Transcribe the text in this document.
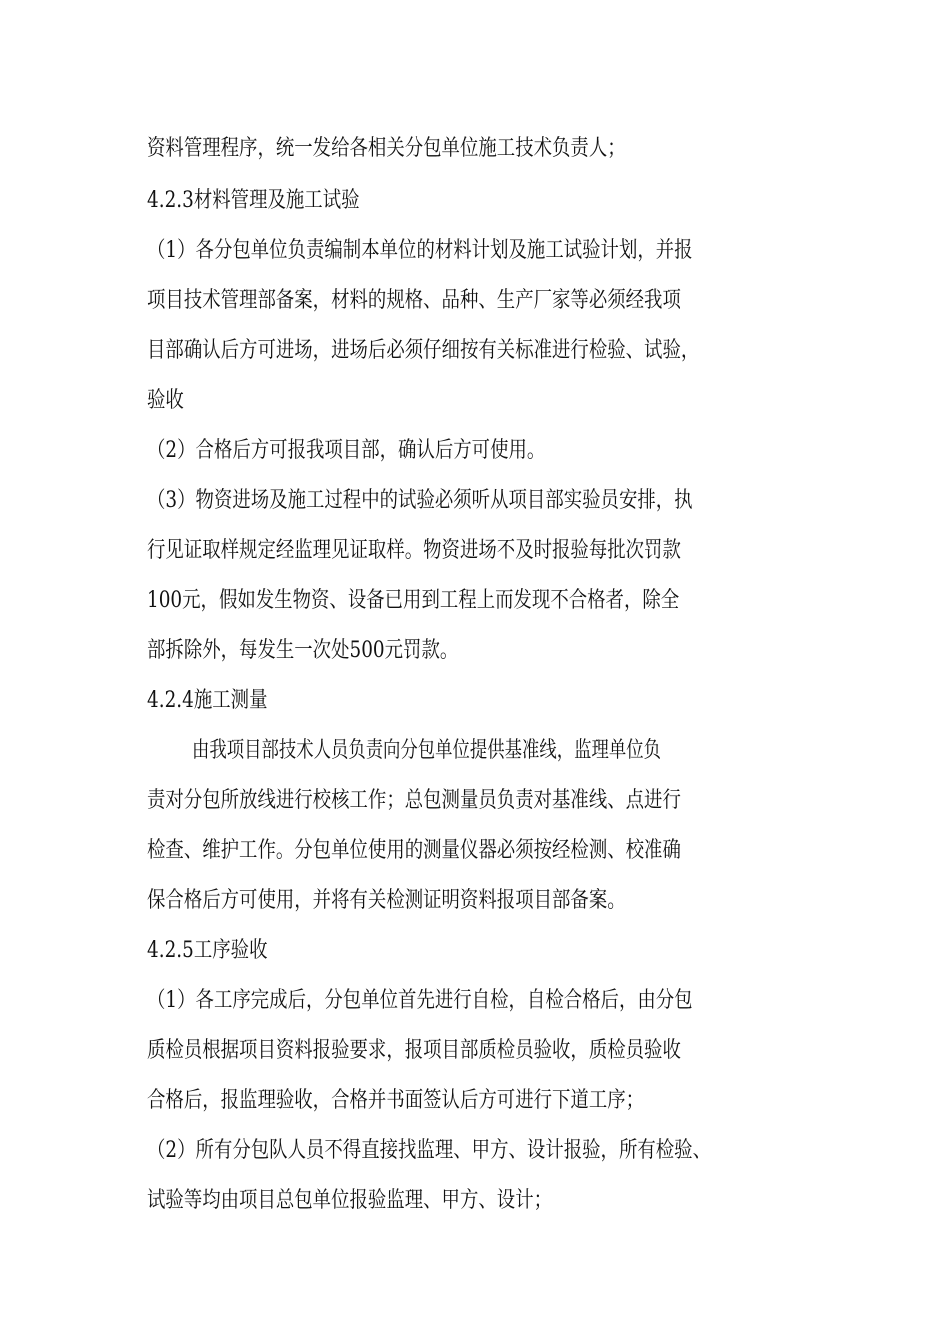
资料管理程序，统一发给各相关分包单位施工技术负责人；
4.2.3材料管理及施工试验
（1）各分包单位负责编制本单位的材料计划及施工试验计划，并报
项目技术管理部备案，材料的规格、品种、生产厂家等必须经我项
目部确认后方可进场，进场后必须仔细按有关标准进行检验、试验，
验收
（2）合格后方可报我项目部，确认后方可使用。
（3）物资进场及施工过程中的试验必须听从项目部实验员安排，执
行见证取样规定经监理见证取样。物资进场不及时报验每批次罚款
100元，假如发生物资、设备已用到工程上而发现不合格者，除全
部拆除外，每发生一次处500元罚款。
4.2.4施工测量
由我项目部技术人员负责向分包单位提供基准线，监理单位负
责对分包所放线进行校核工作；总包测量员负责对基准线、点进行
检查、维护工作。分包单位使用的测量仪器必须按经检测、校准确
保合格后方可使用，并将有关检测证明资料报项目部备案。
4.2.5工序验收
（1）各工序完成后，分包单位首先进行自检，自检合格后，由分包
质检员根据项目资料报验要求，报项目部质检员验收，质检员验收
合格后，报监理验收，合格并书面签认后方可进行下道工序；
（2）所有分包队人员不得直接找监理、甲方、设计报验，所有检验、
试验等均由项目总包单位报验监理、甲方、设计；
